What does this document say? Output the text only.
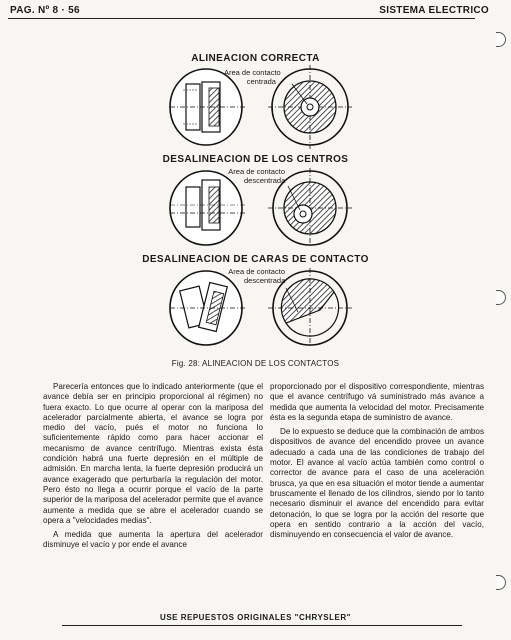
PAG. Nº 8 · 56	SISTEMA ELECTRICO
ALINEACION CORRECTA
DESALINEACION DE LOS CENTROS
DESALINEACION DE CARAS DE CONTACTO
Area de contacto
centrada
Area de contacto
descentrada
Area de contacto
descentrada
Fig. 28: ALINEACION DE LOS CONTACTOS

Parecería entonces que lo indicado anteriormente (que el avance debía ser en principio proporcional al régimen) no fuera exacto. Lo que ocurre al operar con la mariposa del acelerador parcialmente abierta, el avance se logra por medio del vacío, pués el motor no funciona lo suficientemente rápido como para hacer accionar el mecanismo de avance centrífugo. Mientras exista ésta condición habrá una fuerte depresión en el múltiple de admisión. En marcha lenta, la fuerte depresión producirá un avance exagerado que perturbaría la regulación del motor. Pero ésto no llega a ocurrir porque el vacío de la parte superior de la mariposa del acelerador permite que el avance aumente a medida que se abre el acelerador cuando se opera a "velocidades medias".

A medida que aumenta la apertura del acelerador disminuye el vacío y por ende el avance

proporcionado por el dispositivo correspondiente, mientras que el avance centrífugo vá suministrado más avance a medida que aumenta la velocidad del motor. Precisamente ésta es la segunda etapa de suministro de avance.

De lo expuesto se deduce que la combinación de ambos dispositivos de avance del encendido provee un avance adecuado a cada una de las condiciones de trabajo del motor. El avance al vacío actúa también como control o corrector de avance para el caso de una aceleración brusca, ya que en esa situación el motor tiende a aumentar bruscamente el llenado de los cilindros, siendo por lo tanto necesario disminuir el avance del encendido para evitar detonación, lo que se logra por la acción del resorte que opera en sentido contrario a la acción del vacío, disminuyendo en consecuencia el valor de avance.

USE REPUESTOS ORIGINALES "CHRYSLER"
